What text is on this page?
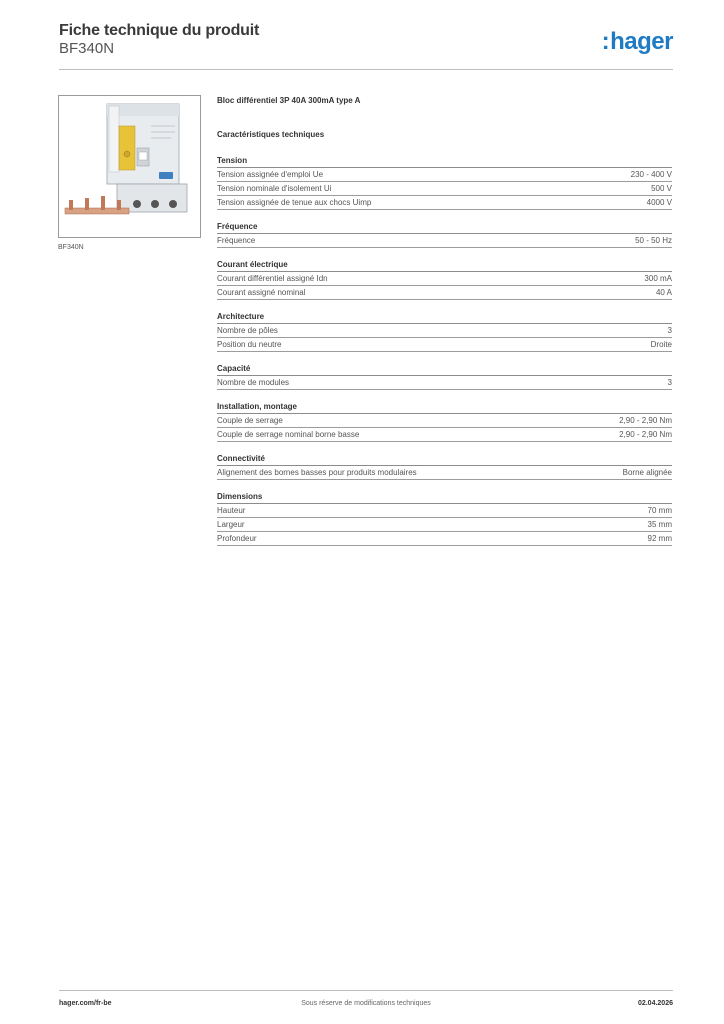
Fiche technique du produit
BF340N	:hager
BF340N
Bloc différentiel 3P 40A 300mA type A
Caractéristiques techniques
Tension
Tension assignée d'emploi Ue	230 - 400 V
Tension nominale d'isolement Ui	500 V
Tension assignée de tenue aux chocs Uimp	4000 V
Fréquence
Fréquence	50 - 50 Hz
Courant électrique
Courant différentiel assigné Idn	300 mA
Courant assigné nominal	40 A
Architecture
Nombre de pôles	3
Position du neutre	Droite
Capacité
Nombre de modules	3
Installation, montage
Couple de serrage	2,90 - 2,90 Nm
Couple de serrage nominal borne basse	2,90 - 2,90 Nm
Connectivité
Alignement des bornes basses pour produits modulaires	Borne alignée
Dimensions
Hauteur	70 mm
Largeur	35 mm
Profondeur	92 mm
hager.com/fr-be	Sous réserve de modifications techniques	02.04.2026
